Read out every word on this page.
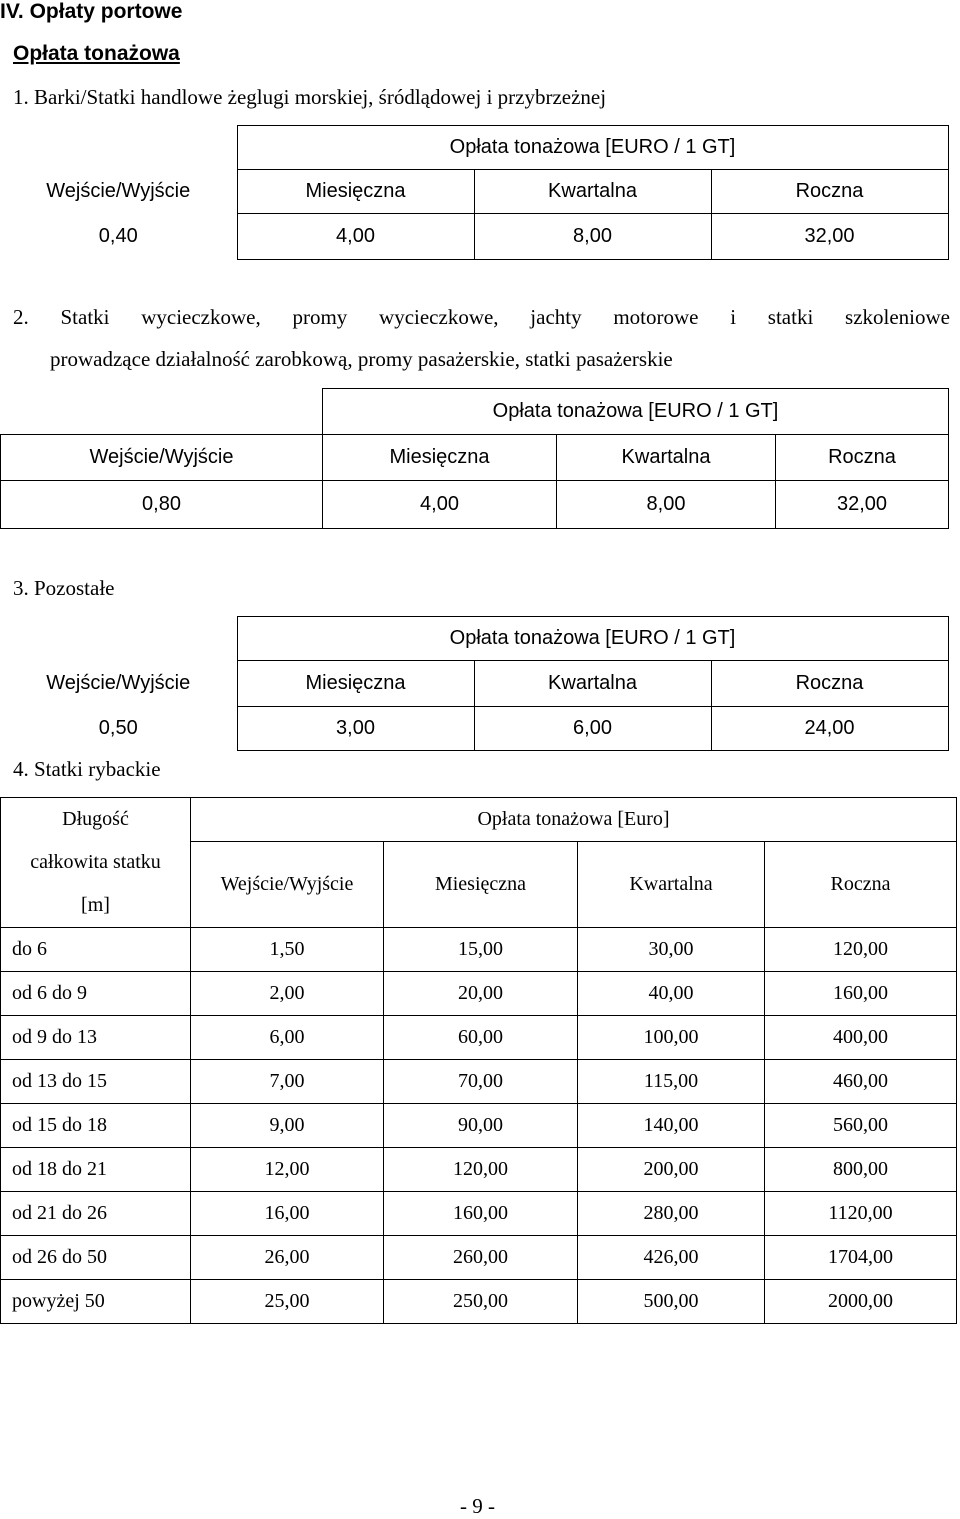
IV. Opłaty portowe
Opłata tonażowa
1. Barki/Statki handlowe żeglugi morskiej, śródlądowej i przybrzeżnej
	Opłata tonażowa [EURO / 1 GT]		
Wejście/Wyjście	Miesięczna	Kwartalna	Roczna
0,40	4,00	8,00	32,00
2. Statki wycieczkowe, promy wycieczkowe, jachty motorowe i statki szkoleniowe
prowadzące działalność zarobkową, promy pasażerskie, statki pasażerskie
	Opłata tonażowa [EURO / 1 GT]		
Wejście/Wyjście	Miesięczna	Kwartalna	Roczna
0,80	4,00	8,00	32,00
3. Pozostałe
	Opłata tonażowa [EURO / 1 GT]		
Wejście/Wyjście	Miesięczna	Kwartalna	Roczna
0,50	3,00	6,00	24,00
4. Statki rybackie
Długość
całkowita statku
[m]	Opłata tonażowa [Euro]			
	Wejście/Wyjście	Miesięczna	Kwartalna	Roczna
do 6	1,50	15,00	30,00	120,00
od 6 do 9	2,00	20,00	40,00	160,00
od 9 do 13	6,00	60,00	100,00	400,00
od 13 do 15	7,00	70,00	115,00	460,00
od 15 do 18	9,00	90,00	140,00	560,00
od 18 do 21	12,00	120,00	200,00	800,00
od 21 do 26	16,00	160,00	280,00	1120,00
od 26 do 50	26,00	260,00	426,00	1704,00
powyżej 50	25,00	250,00	500,00	2000,00
- 9 -
